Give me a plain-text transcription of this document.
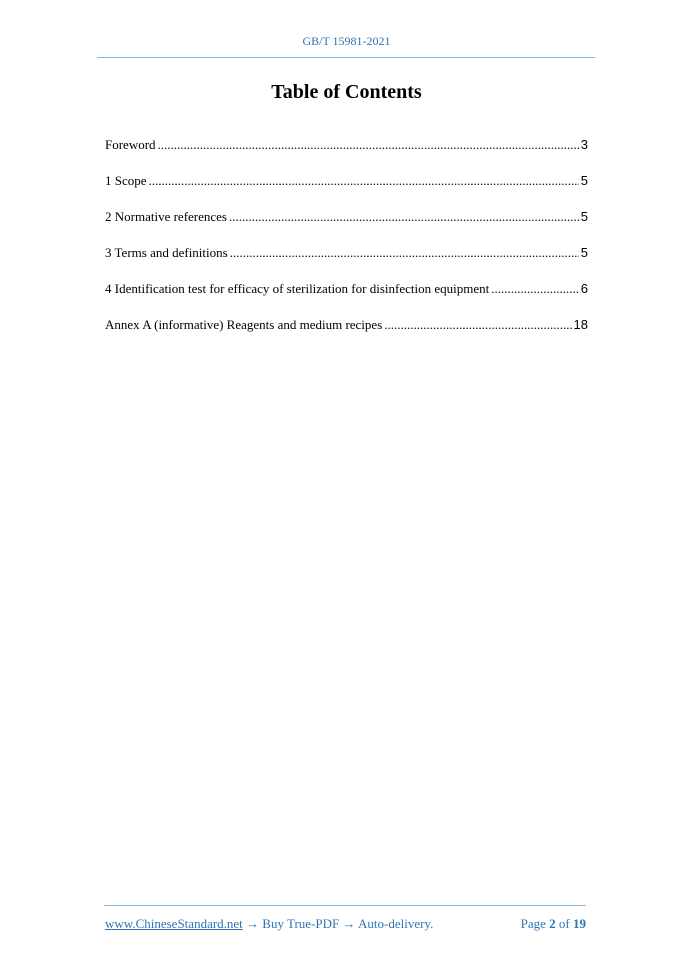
GB/T 15981-2021
Table of Contents
Foreword .....	3
1 Scope .....	5
2 Normative references .....	5
3 Terms and definitions .....	5
4 Identification test for efficacy of sterilization for disinfection equipment .....	6
Annex A (informative) Reagents and medium recipes .....	18
www.ChineseStandard.net → Buy True-PDF → Auto-delivery.	Page 2 of 19
